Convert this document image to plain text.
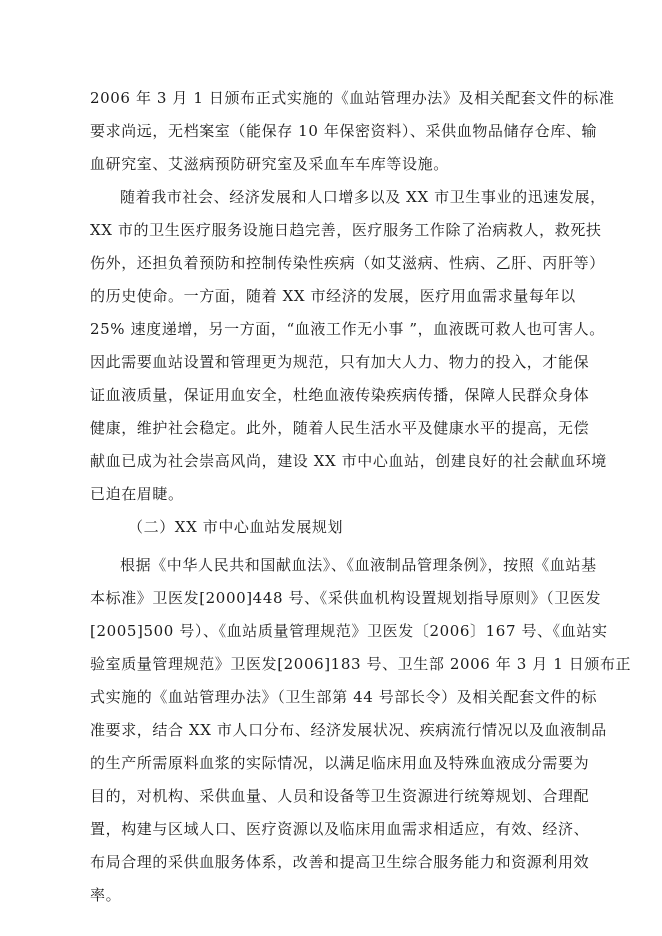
2006 年 3 月 1 日颁布正式实施的《血站管理办法》及相关配套文件的标准
要求尚远，无档案室（能保存 10 年保密资料）、采供血物品储存仓库、输
血研究室、艾滋病预防研究室及采血车车库等设施。
随着我市社会、经济发展和人口增多以及 XX 市卫生事业的迅速发展，
XX 市的卫生医疗服务设施日趋完善，医疗服务工作除了治病救人，救死扶
伤外，还担负着预防和控制传染性疾病（如艾滋病、性病、乙肝、丙肝等）
的历史使命。一方面，随着 XX 市经济的发展，医疗用血需求量每年以
25% 速度递增，另一方面，“血液工作无小事 ”，血液既可救人也可害人。
因此需要血站设置和管理更为规范，只有加大人力、物力的投入，才能保
证血液质量，保证用血安全，杜绝血液传染疾病传播，保障人民群众身体
健康，维护社会稳定。此外，随着人民生活水平及健康水平的提高，无偿
献血已成为社会崇高风尚，建设 XX 市中心血站，创建良好的社会献血环境
已迫在眉睫。
（二）XX 市中心血站发展规划
根据《中华人民共和国献血法》、《血液制品管理条例》，按照《血站基
本标准》卫医发[2000]448 号、《采供血机构设置规划指导原则》（卫医发
[2005]500 号）、《血站质量管理规范》卫医发〔2006〕167 号、《血站实
验室质量管理规范》卫医发[2006]183 号、卫生部 2006 年 3 月 1 日颁布正
式实施的《血站管理办法》（卫生部第 44 号部长令）及相关配套文件的标
准要求，结合 XX 市人口分布、经济发展状况、疾病流行情况以及血液制品
的生产所需原料血浆的实际情况，以满足临床用血及特殊血液成分需要为
目的，对机构、采供血量、人员和设备等卫生资源进行统筹规划、合理配
置，构建与区域人口、医疗资源以及临床用血需求相适应，有效、经济、
布局合理的采供血服务体系，改善和提高卫生综合服务能力和资源利用效
率。
